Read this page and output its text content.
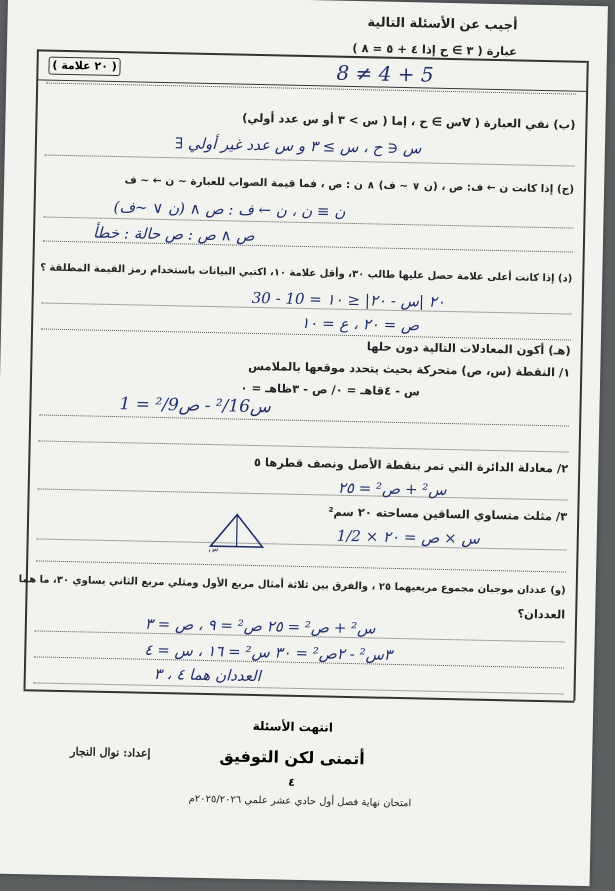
أجيب عن الأسئلة التالية
عبارة ( ٣ ∋ ح إذا ٤ + ٥ = ٨ )
8 ≠ 4 + 5
( ٢٠ علامة )
(ب) نفي العبارة ( ∀س ∋ ح ، إما ( س > ٣ أو س عدد أولي)
∃ س ∈ ح ، س ≥ ٣ و س عدد غير أولي
(ج) إذا كانت ن ← ف: ص ، (ن ∨ ~ ف) ∧ ن : ص ، فما قيمة الصواب للعبارة ~ ن ← ~ ف
(ن ∨ ~ف) ∧ ن ≡ ن ، ن ← ف : ص
ص ∧ ص : ص حالة : خطأ
(د) إذا كانت أعلى علامة حصل عليها طالب ٣٠، وأقل علامة ١٠، اكتبي البيانات باستخدام رمز القيمة المطلقة ؟
30 - 10 = ٢٠ |س - ٢٠| ≤ ١٠
ص = ٢٠ ، ع = ١٠
(هـ) أكون المعادلات التالية دون حلها
١/ النقطة (س، ص) متحركة بحيث يتحدد موقعها بالملامس
س - ٤قاهـ = ٠/ ص - ٣ظاهـ = ٠
س²/16 - ص²/9 = 1
٢/ معادلة الدائرة التي تمر بنقطة الأصل ونصف قطرها ٥
س² + ص² = ٢٥
٣/ مثلث متساوي الساقين مساحته ٢٠ سم²
س
1/2 × س × ص = ٢٠
(و) عددان موجبان مجموع مربعيهما ٢٥ ، والفرق بين ثلاثة أمثال مربع الأول ومثلي مربع الثاني يساوي ٣٠، ما هما
العددان؟
س² + ص² = ٢٥ ص² = ٩ ، ص = ٣
٣س² - ٢ص² = ٣٠ س² = ١٦ ، س = ٤
العددان هما ٤ ، ٣
انتهت الأسئلة
أتمنى لكن التوفيق
إعداد: نوال النجار
٤
امتحان نهاية فصل أول حادي عشر علمي ٢٠٢٥/٢٠٢٦م
